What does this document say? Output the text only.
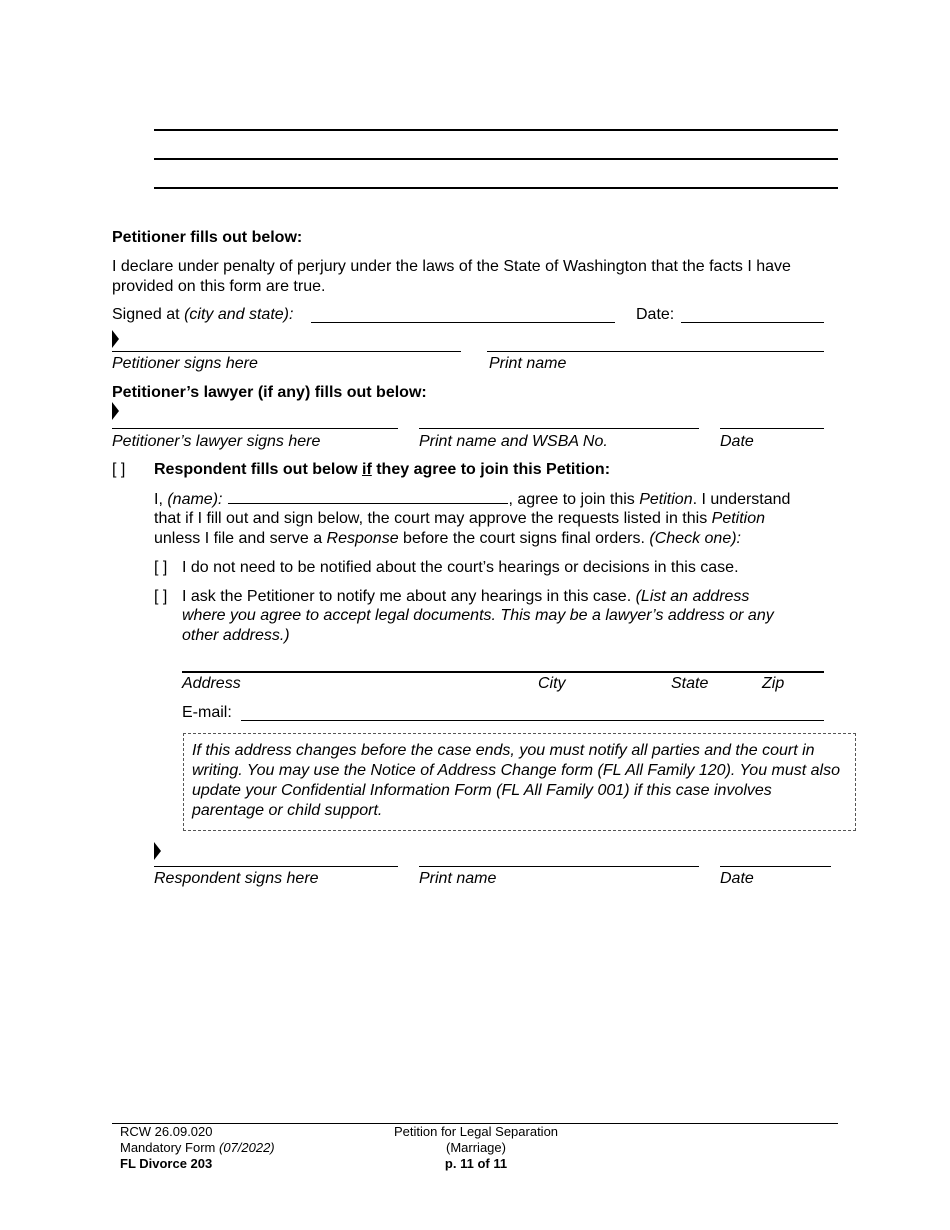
Petitioner fills out below:
I declare under penalty of perjury under the laws of the State of Washington that the facts I have provided on this form are true.
Signed at (city and state):	Date:
Petitioner signs here	Print name
Petitioner’s lawyer (if any) fills out below:
Petitioner’s lawyer signs here	Print name and WSBA No.	Date
[ ] Respondent fills out below if they agree to join this Petition:
I, (name):	, agree to join this Petition. I understand
that if I fill out and sign below, the court may approve the requests listed in this Petition
unless I file and serve a Response before the court signs final orders. (Check one):
[ ] I do not need to be notified about the court’s hearings or decisions in this case.
[ ] I ask the Petitioner to notify me about any hearings in this case. (List an address
where you agree to accept legal documents. This may be a lawyer’s address or any
other address.)
Address	City	State	Zip
E-mail:
If this address changes before the case ends, you must notify all parties and the court in writing. You may use the Notice of Address Change form (FL All Family 120). You must also update your Confidential Information Form (FL All Family 001) if this case involves parentage or child support.
Respondent signs here	Print name	Date
RCW 26.09.020
Mandatory Form (07/2022)
FL Divorce 203
Petition for Legal Separation
(Marriage)
p. 11 of 11
